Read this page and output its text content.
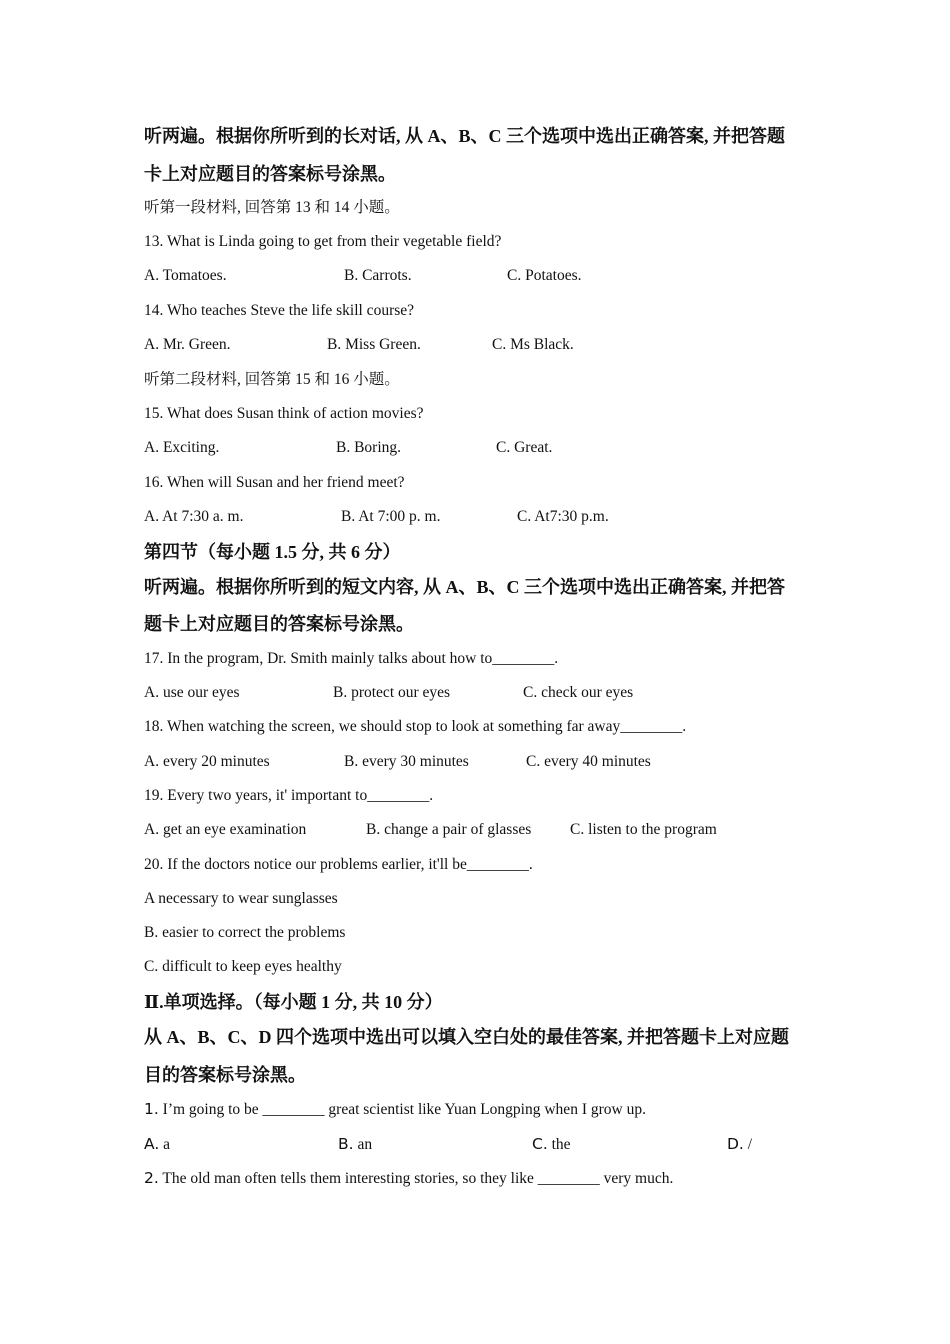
听两遍。根据你所听到的长对话, 从 A、B、C 三个选项中选出正确答案, 并把答题
卡上对应题目的答案标号涂黑。
听第一段材料, 回答第 13 和 14 小题。
13. What is Linda going to get from their vegetable field?
A. Tomatoes.	B. Carrots.	C. Potatoes.
14. Who teaches Steve the life skill course?
A. Mr. Green.	B. Miss Green.	C. Ms Black.
听第二段材料, 回答第 15 和 16 小题。
15. What does Susan think of action movies?
A. Exciting.	B. Boring.	C. Great.
16. When will Susan and her friend meet?
A. At 7:30 a. m.	B. At 7:00 p. m.	C. At7:30 p.m.
第四节（每小题 1.5 分, 共 6 分）
听两遍。根据你所听到的短文内容, 从 A、B、C 三个选项中选出正确答案, 并把答
题卡上对应题目的答案标号涂黑。
17. In the program, Dr. Smith mainly talks about how to________.
A. use our eyes	B. protect our eyes	C. check our eyes
18. When watching the screen, we should stop to look at something far away________.
A. every 20 minutes	B. every 30 minutes	C. every 40 minutes
19. Every two years, it' important to________.
A. get an eye examination	B. change a pair of glasses C. listen to the program
20. If the doctors notice our problems earlier, it'll be________.
A necessary to wear sunglasses
B. easier to correct the problems
C. difficult to keep eyes healthy
Ⅱ.单项选择。（每小题 1 分, 共 10 分）
从 A、B、C、D 四个选项中选出可以填入空白处的最佳答案, 并把答题卡上对应题
目的答案标号涂黑。
1. I’m going to be ________ great scientist like Yuan Longping when I grow up.
A. a	B. an	C. the	D. /
2. The old man often tells them interesting stories, so they like ________ very much.
